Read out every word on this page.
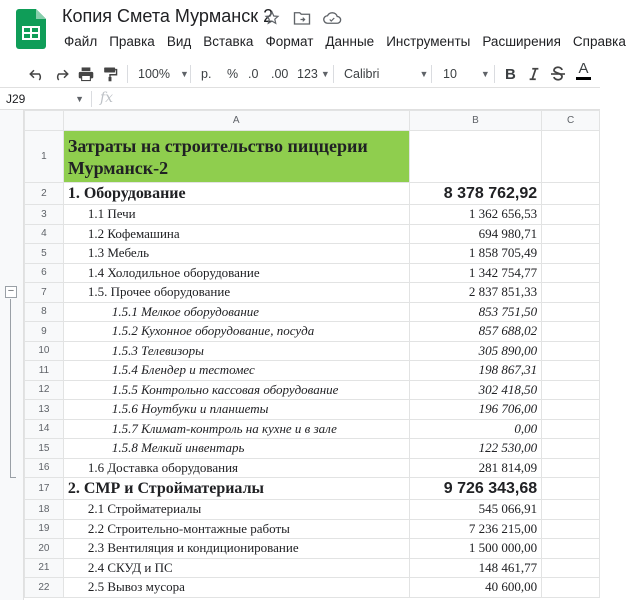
Копия Смета Мурманск 2
Файл Правка Вид Вставка Формат Данные Инструменты Расширения Справка
100% ▼ р. % .0 .00 123 ▼ Calibri	▼ 10	▼ B	A
J29	▼ fx
−
	A	B	C
1	Затраты на строительство пиццерии Мурманск-2		
2	1. Оборудование	8 378 762,92	
3	1.1 Печи	1 362 656,53	
4	1.2 Кофемашина	694 980,71	
5	1.3 Мебель	1 858 705,49	
6	1.4 Холодильное оборудование	1 342 754,77	
7	1.5. Прочее оборудование	2 837 851,33	
8	1.5.1 Мелкое оборудование	853 751,50	
9	1.5.2 Кухонное оборудование, посуда	857 688,02	
10	1.5.3 Телевизоры	305 890,00	
11	1.5.4 Блендер и тестомес	198 867,31	
12	1.5.5 Контрольно кассовая оборудование	302 418,50	
13	1.5.6 Ноутбуки и планшеты	196 706,00	
14	1.5.7 Климат-контроль на кухне и в зале	0,00	
15	1.5.8 Мелкий инвентарь	122 530,00	
16	1.6 Доставка оборудования	281 814,09	
17	2. СМР и Стройматериалы	9 726 343,68	
18	2.1 Стройматериалы	545 066,91	
19	2.2 Строительно-монтажные работы	7 236 215,00	
20	2.3 Вентиляция и кондиционирование	1 500 000,00	
21	2.4 СКУД и ПС	148 461,77	
22	2.5 Вывоз мусора	40 600,00	
